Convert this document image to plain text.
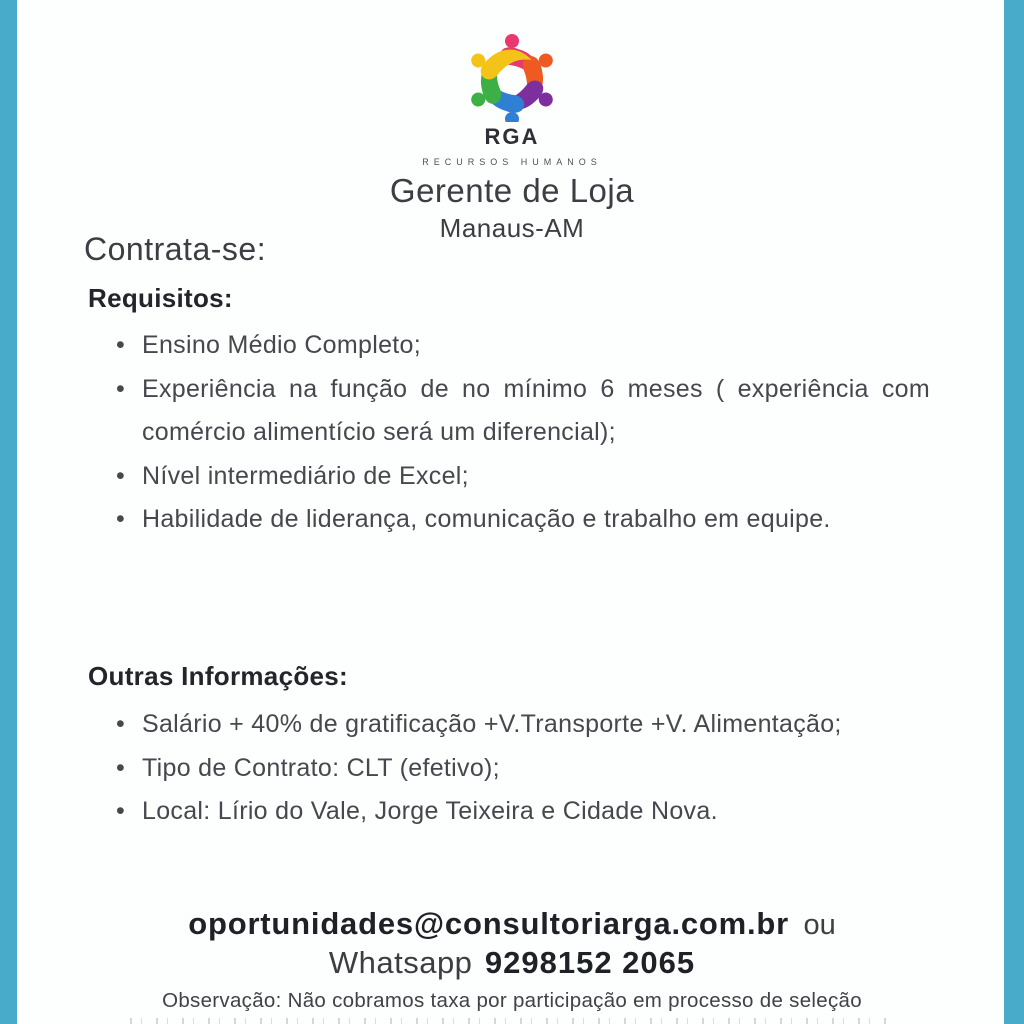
RGA
RECURSOS HUMANOS
Gerente de Loja
Manaus-AM
Contrata-se:
Requisitos:
• Ensino Médio Completo;
• Experiência na função de no mínimo 6 meses ( experiência com comércio alimentício será um diferencial);
• Nível intermediário de Excel;
• Habilidade de liderança, comunicação e trabalho em equipe.
Outras Informações:
• Salário + 40% de gratificação +V.Transporte +V. Alimentação;
• Tipo de Contrato: CLT (efetivo);
• Local: Lírio do Vale, Jorge Teixeira e Cidade Nova.
oportunidades@consultoriarga.com.br ou
Whatsapp 9298152 2065
Observação: Não cobramos taxa por participação em processo de seleção
